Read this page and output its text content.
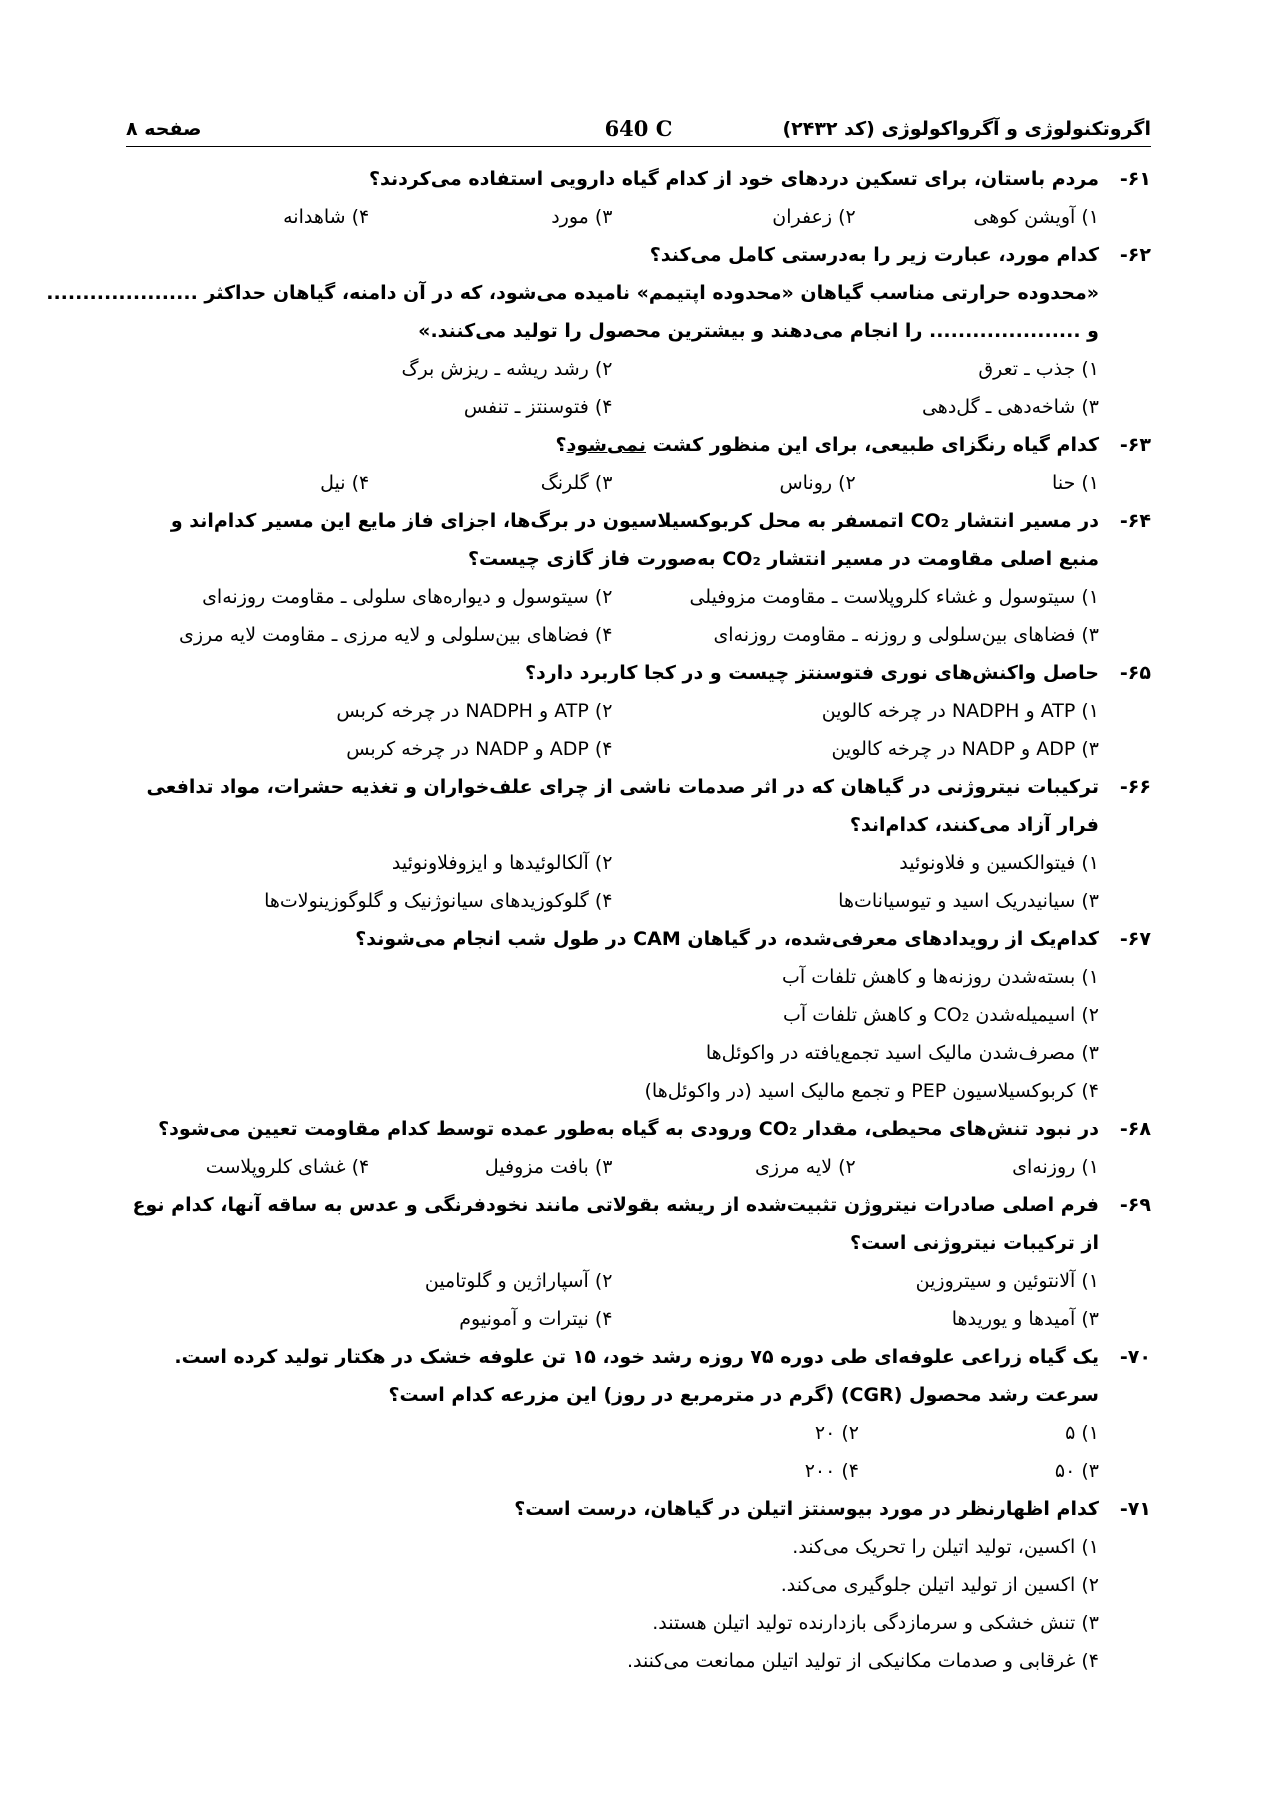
اگروتکنولوژی و آگرواکولوژی (کد ۲۴۳۲)
640 C
صفحه ۸
۶۱-
مردم باستان، برای تسکین دردهای خود از کدام گیاه دارویی استفاده می‌کردند؟
۱) آویشن کوهی
۲) زعفران
۳) مورد
۴) شاهدانه
۶۲-
کدام مورد، عبارت زیر را به‌درستی کامل می‌کند؟
«محدوده حرارتی مناسب گیاهان «محدوده اپتیمم» نامیده می‌شود، که در آن دامنه، گیاهان حداکثر .....................
و ..................... را انجام می‌دهند و بیشترین محصول را تولید می‌کنند.»
۱) جذب ـ تعرق
۲) رشد ریشه ـ ریزش برگ
۳) شاخه‌دهی ـ گل‌دهی
۴) فتوسنتز ـ تنفس
۶۳-
کدام گیاه رنگزای طبیعی، برای این منظور کشت نمی‌شود؟
۱) حنا
۲) روناس
۳) گلرنگ
۴) نیل
۶۴-
در مسیر انتشار CO₂ اتمسفر به محل کربوکسیلاسیون در برگ‌ها، اجزای فاز مایع این مسیر کدام‌اند و منبع اصلی مقاومت در مسیر انتشار CO₂ به‌صورت فاز گازی چیست؟
۱) سیتوسول و غشاء کلروپلاست ـ مقاومت مزوفیلی
۲) سیتوسول و دیواره‌های سلولی ـ مقاومت روزنه‌ای
۳) فضاهای بین‌سلولی و روزنه ـ مقاومت روزنه‌ای
۴) فضاهای بین‌سلولی و لایه مرزی ـ مقاومت لایه مرزی
۶۵-
حاصل واکنش‌های نوری فتوسنتز چیست و در کجا کاربرد دارد؟
۱) ATP و NADPH در چرخه کالوین
۲) ATP و NADPH در چرخه کربس
۳) ADP و NADP در چرخه کالوین
۴) ADP و NADP در چرخه کربس
۶۶-
ترکیبات نیتروژنی در گیاهان که در اثر صدمات ناشی از چرای علف‌خواران و تغذیه حشرات، مواد تدافعی فرار آزاد می‌کنند، کدام‌اند؟
۱) فیتوالکسین و فلاونوئید
۲) آلکالوئیدها و ایزوفلاونوئید
۳) سیانیدریک اسید و تیوسیانات‌ها
۴) گلوکوزیدهای سیانوژنیک و گلوگوزینولات‌ها
۶۷-
کدام‌یک از رویدادهای معرفی‌شده، در گیاهان CAM در طول شب انجام می‌شوند؟
۱) بسته‌شدن روزنه‌ها و کاهش تلفات آب
۲) اسیمیله‌شدن CO₂ و کاهش تلفات آب
۳) مصرف‌شدن مالیک اسید تجمع‌یافته در واکوئل‌ها
۴) کربوکسیلاسیون PEP و تجمع مالیک اسید (در واکوئل‌ها)
۶۸-
در نبود تنش‌های محیطی، مقدار CO₂ ورودی به گیاه به‌طور عمده توسط کدام مقاومت تعیین می‌شود؟
۱) روزنه‌ای
۲) لایه مرزی
۳) بافت مزوفیل
۴) غشای کلروپلاست
۶۹-
فرم اصلی صادرات نیتروژن تثبیت‌شده از ریشه بقولاتی مانند نخودفرنگی و عدس به ساقه آنها، کدام نوع از ترکیبات نیتروژنی است؟
۱) آلانتوئین و سیتروزین
۲) آسپاراژین و گلوتامین
۳) آمیدها و یوریدها
۴) نیترات و آمونیوم
۷۰-
یک گیاه زراعی علوفه‌ای طی دوره ۷۵ روزه رشد خود، ۱۵ تن علوفه خشک در هکتار تولید کرده است. سرعت رشد محصول (CGR) (گرم در مترمربع در روز) این مزرعه کدام است؟
۱) ۵
۲) ۲۰
۳) ۵۰
۴) ۲۰۰
۷۱-
کدام اظهارنظر در مورد بیوسنتز اتیلن در گیاهان، درست است؟
۱) اکسین، تولید اتیلن را تحریک می‌کند.
۲) اکسین از تولید اتیلن جلوگیری می‌کند.
۳) تنش خشکی و سرمازدگی بازدارنده تولید اتیلن هستند.
۴) غرقابی و صدمات مکانیکی از تولید اتیلن ممانعت می‌کنند.
